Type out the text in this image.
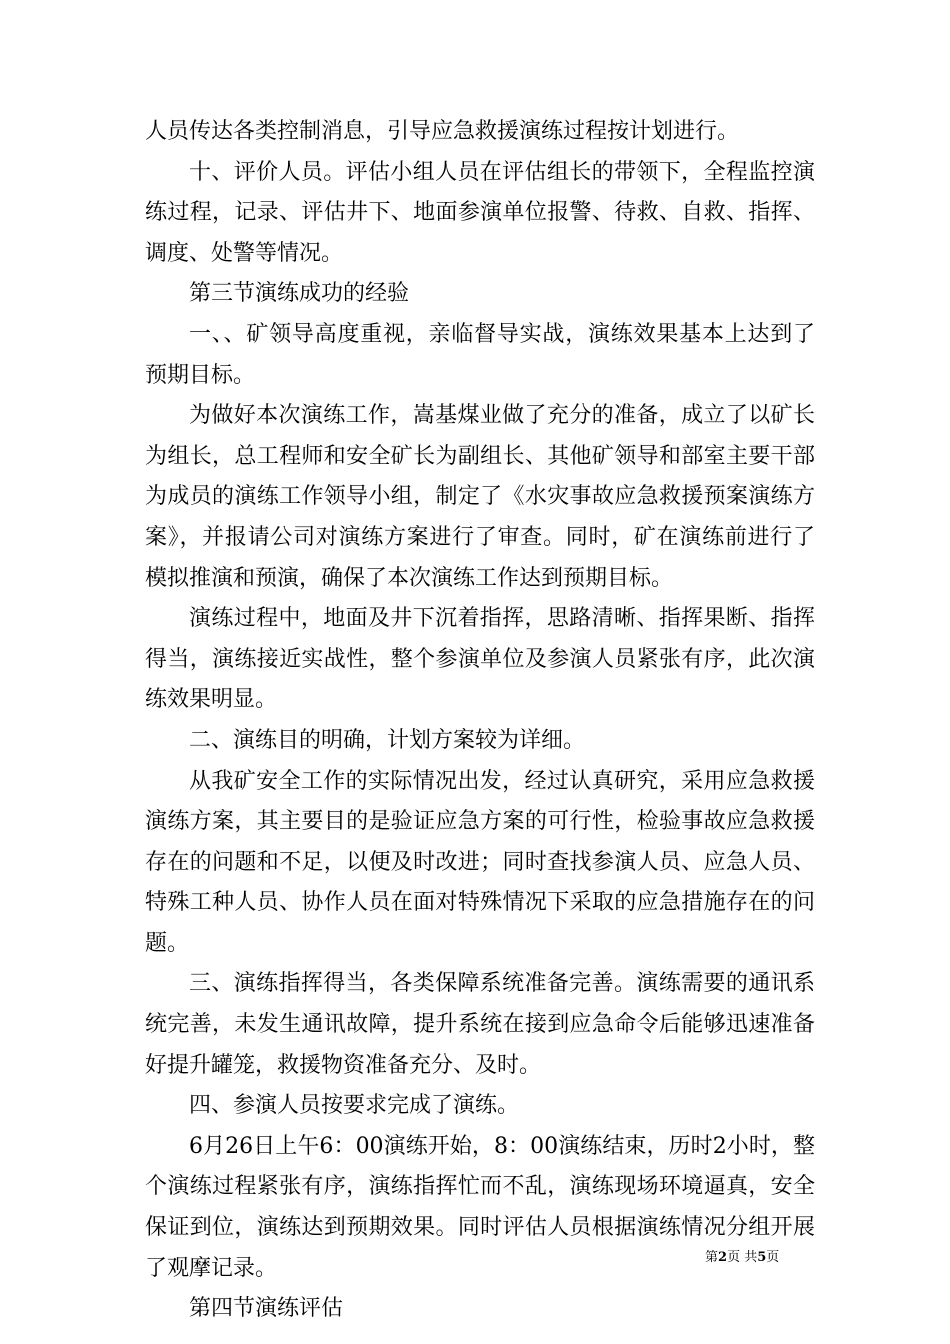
人员传达各类控制消息，引导应急救援演练过程按计划进行。

十、评价人员。评估小组人员在评估组长的带领下，全程监控演练过程，记录、评估井下、地面参演单位报警、待救、自救、指挥、调度、处警等情况。

第三节演练成功的经验

一、、矿领导高度重视，亲临督导实战，演练效果基本上达到了预期目标。

为做好本次演练工作，嵩基煤业做了充分的准备，成立了以矿长为组长，总工程师和安全矿长为副组长、其他矿领导和部室主要干部为成员的演练工作领导小组，制定了《水灾事故应急救援预案演练方案》，并报请公司对演练方案进行了审查。同时，矿在演练前进行了模拟推演和预演，确保了本次演练工作达到预期目标。

演练过程中，地面及井下沉着指挥，思路清晰、指挥果断、指挥得当，演练接近实战性，整个参演单位及参演人员紧张有序，此次演练效果明显。

二、演练目的明确，计划方案较为详细。

从我矿安全工作的实际情况出发，经过认真研究，采用应急救援演练方案，其主要目的是验证应急方案的可行性，检验事故应急救援存在的问题和不足，以便及时改进；同时查找参演人员、应急人员、特殊工种人员、协作人员在面对特殊情况下采取的应急措施存在的问题。

三、演练指挥得当，各类保障系统准备完善。演练需要的通讯系统完善，未发生通讯故障，提升系统在接到应急命令后能够迅速准备好提升罐笼，救援物资准备充分、及时。

四、参演人员按要求完成了演练。

6月26日上午6：00演练开始，8：00演练结束，历时2小时，整个演练过程紧张有序，演练指挥忙而不乱，演练现场环境逼真，安全保证到位，演练达到预期效果。同时评估人员根据演练情况分组开展了观摩记录。

第四节演练评估

第2页 共5页
